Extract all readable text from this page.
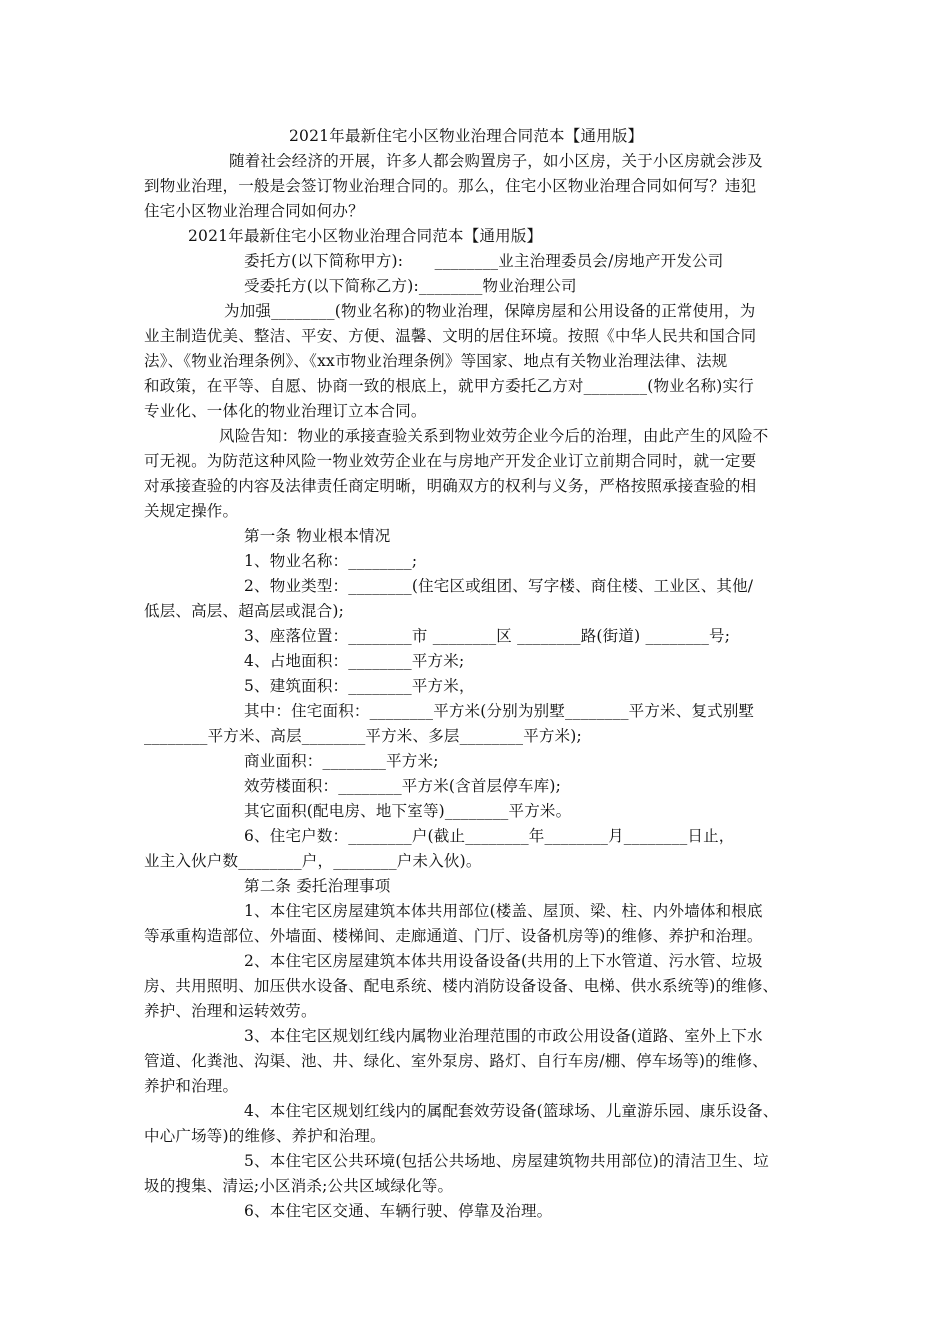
2021年最新住宅小区物业治理合同范本【通用版】
随着社会经济的开展，许多人都会购置房子，如小区房，关于小区房就会涉及
到物业治理，一般是会签订物业治理合同的。那么，住宅小区物业治理合同如何写？违犯
住宅小区物业治理合同如何办？
2021年最新住宅小区物业治理合同范本【通用版】
委托方(以下简称甲方):　　________业主治理委员会/房地产开发公司
受委托方(以下简称乙方):________物业治理公司
为加强________(物业名称)的物业治理，保障房屋和公用设备的正常使用，为
业主制造优美、整洁、平安、方便、温馨、文明的居住环境。按照《中华人民共和国合同
法》、《物业治理条例》、《xx市物业治理条例》等国家、地点有关物业治理法律、法规
和政策，在平等、自愿、协商一致的根底上，就甲方委托乙方对________(物业名称)实行
专业化、一体化的物业治理订立本合同。
风险告知：物业的承接查验关系到物业效劳企业今后的治理，由此产生的风险不
可无视。为防范这种风险一物业效劳企业在与房地产开发企业订立前期合同时，就一定要
对承接查验的内容及法律责任商定明晰，明确双方的权利与义务，严格按照承接查验的相
关规定操作。
第一条 物业根本情况
1、物业名称：________;
2、物业类型：________(住宅区或组团、写字楼、商住楼、工业区、其他/
低层、高层、超高层或混合);
3、座落位置：________市 ________区 ________路(街道) ________号;
4、占地面积：________平方米;
5、建筑面积：________平方米，
其中：住宅面积：________平方米(分别为别墅________平方米、复式别墅
________平方米、高层________平方米、多层________平方米);
商业面积：________平方米;
效劳楼面积：________平方米(含首层停车库);
其它面积(配电房、地下室等)________平方米。
6、住宅户数：________户(截止________年________月________日止，
业主入伙户数________户，________户未入伙)。
第二条 委托治理事项
1、本住宅区房屋建筑本体共用部位(楼盖、屋顶、梁、柱、内外墙体和根底
等承重构造部位、外墙面、楼梯间、走廊通道、门厅、设备机房等)的维修、养护和治理。
2、本住宅区房屋建筑本体共用设备设备(共用的上下水管道、污水管、垃圾
房、共用照明、加压供水设备、配电系统、楼内消防设备设备、电梯、供水系统等)的维修、
养护、治理和运转效劳。
3、本住宅区规划红线内属物业治理范围的市政公用设备(道路、室外上下水
管道、化粪池、沟渠、池、井、绿化、室外泵房、路灯、自行车房/棚、停车场等)的维修、
养护和治理。
4、本住宅区规划红线内的属配套效劳设备(篮球场、儿童游乐园、康乐设备、
中心广场等)的维修、养护和治理。
5、本住宅区公共环境(包括公共场地、房屋建筑物共用部位)的清洁卫生、垃
圾的搜集、清运;小区消杀;公共区域绿化等。
6、本住宅区交通、车辆行驶、停靠及治理。
